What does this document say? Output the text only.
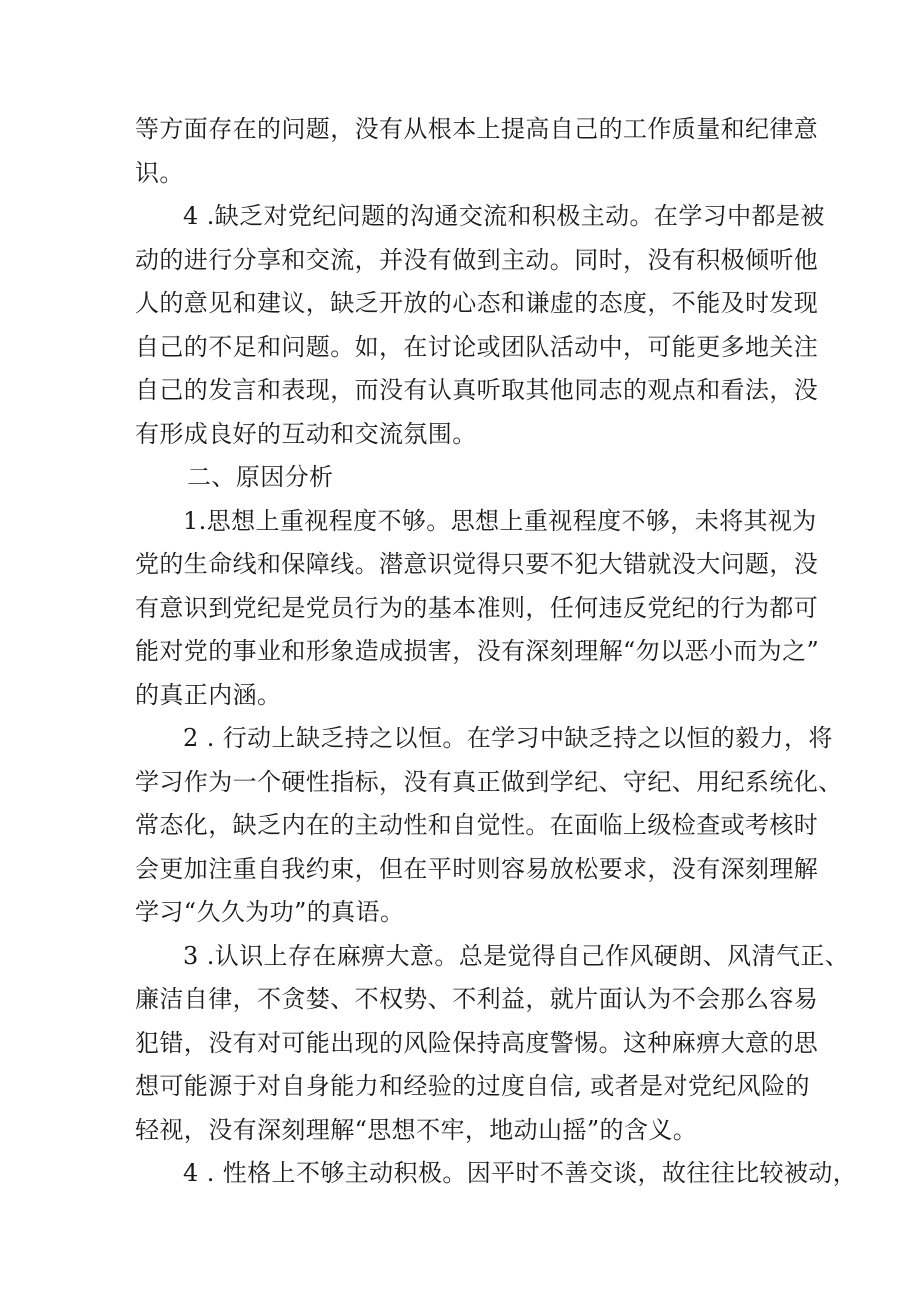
等方面存在的问题，没有从根本上提高自己的工作质量和纪律意
识。
4 .缺乏对党纪问题的沟通交流和积极主动。在学习中都是被
动的进行分享和交流，并没有做到主动。同时，没有积极倾听他
人的意见和建议，缺乏开放的心态和谦虚的态度，不能及时发现
自己的不足和问题。如，在讨论或团队活动中，可能更多地关注
自己的发言和表现，而没有认真听取其他同志的观点和看法，没
有形成良好的互动和交流氛围。
二、原因分析
1.思想上重视程度不够。思想上重视程度不够，未将其视为
党的生命线和保障线。潜意识觉得只要不犯大错就没大问题，没
有意识到党纪是党员行为的基本准则，任何违反党纪的行为都可
能对党的事业和形象造成损害，没有深刻理解“勿以恶小而为之”
的真正内涵。
2 . 行动上缺乏持之以恒。在学习中缺乏持之以恒的毅力，将
学习作为一个硬性指标，没有真正做到学纪、守纪、用纪系统化、
常态化，缺乏内在的主动性和自觉性。在面临上级检查或考核时
会更加注重自我约束，但在平时则容易放松要求，没有深刻理解
学习“久久为功”的真语。
3 .认识上存在麻痹大意。总是觉得自己作风硬朗、风清气正、
廉洁自律，不贪婪、不权势、不利益，就片面认为不会那么容易
犯错，没有对可能出现的风险保持高度警惕。这种麻痹大意的思
想可能源于对自身能力和经验的过度自信, 或者是对党纪风险的
轻视，没有深刻理解“思想不牢，地动山摇”的含义。
4 . 性格上不够主动积极。因平时不善交谈，故往往比较被动，
